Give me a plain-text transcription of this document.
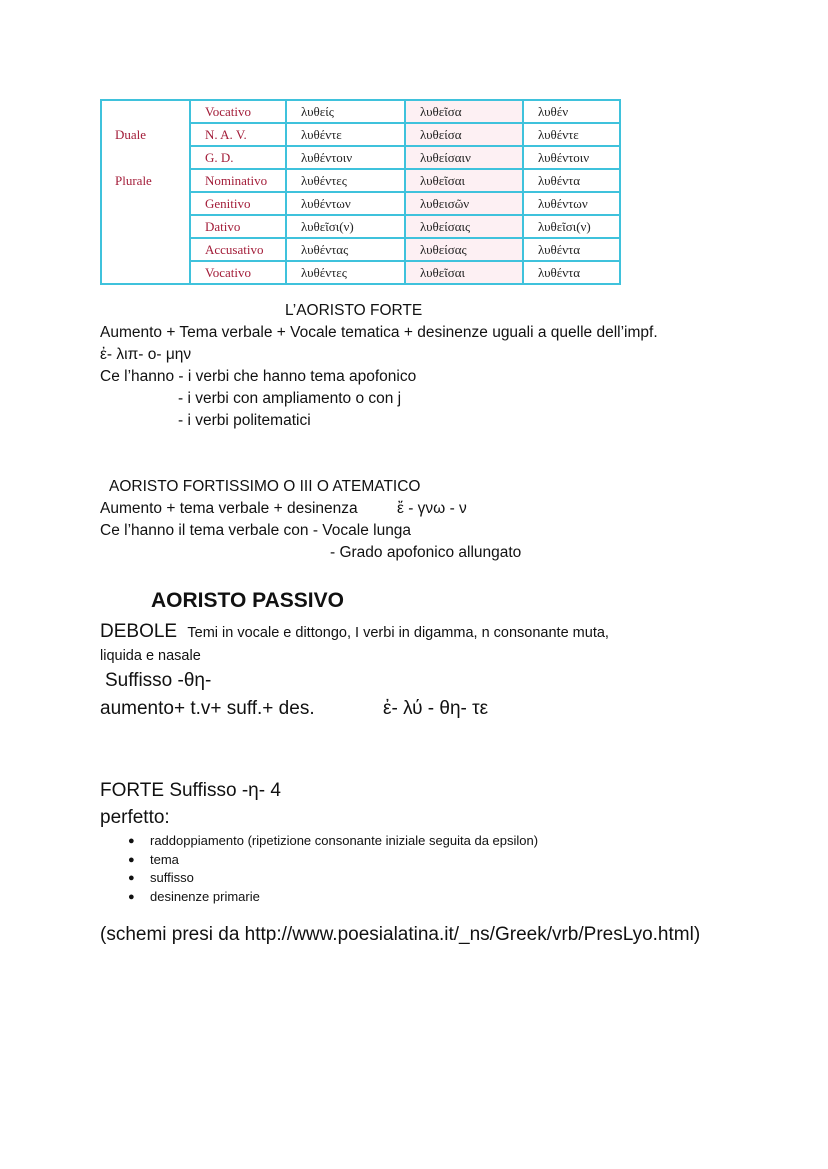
	Vocativo	λυθείς	λυθεῖσα	λυθέν
Duale	N. A. V.	λυθέντε	λυθείσα	λυθέντε
	G. D.	λυθέντοιν	λυθείσαιν	λυθέντοιν
Plurale	Nominativo	λυθέντες	λυθεῖσαι	λυθέντα
	Genitivo	λυθέντων	λυθεισῶν	λυθέντων
	Dativo	λυθεῖσι(ν)	λυθείσαις	λυθεῖσι(ν)
	Accusativo	λυθέντας	λυθείσας	λυθέντα
	Vocativo	λυθέντες	λυθεῖσαι	λυθέντα
L’AORISTO FORTE
Aumento + Tema verbale + Vocale tematica + desinenze uguali a quelle dell’impf.
ἐ- λιπ- ο- μην
Ce l’hanno - i verbi che hanno tema apofonico
- i verbi con ampliamento o con j
- i verbi politematici
AORISTO FORTISSIMO O III O ATEMATICO
Aumento + tema verbale + desinenza	ἔ - γνω - ν
Ce l’hanno il tema verbale con - Vocale lunga
- Grado apofonico allungato
AORISTO PASSIVO
DEBOLE Temi in vocale e dittongo, I verbi in digamma, n consonante muta,
liquida e nasale
Suffisso -θη-
aumento+ t.v+ suff.+ des.	ἐ- λύ - θη- τε
FORTE Suffisso -η- 4
perfetto:
● raddoppiamento (ripetizione consonante iniziale seguita da epsilon)
● tema
● suffisso
● desinenze primarie
(schemi presi da http://www.poesialatina.it/_ns/Greek/vrb/PresLyo.html)
